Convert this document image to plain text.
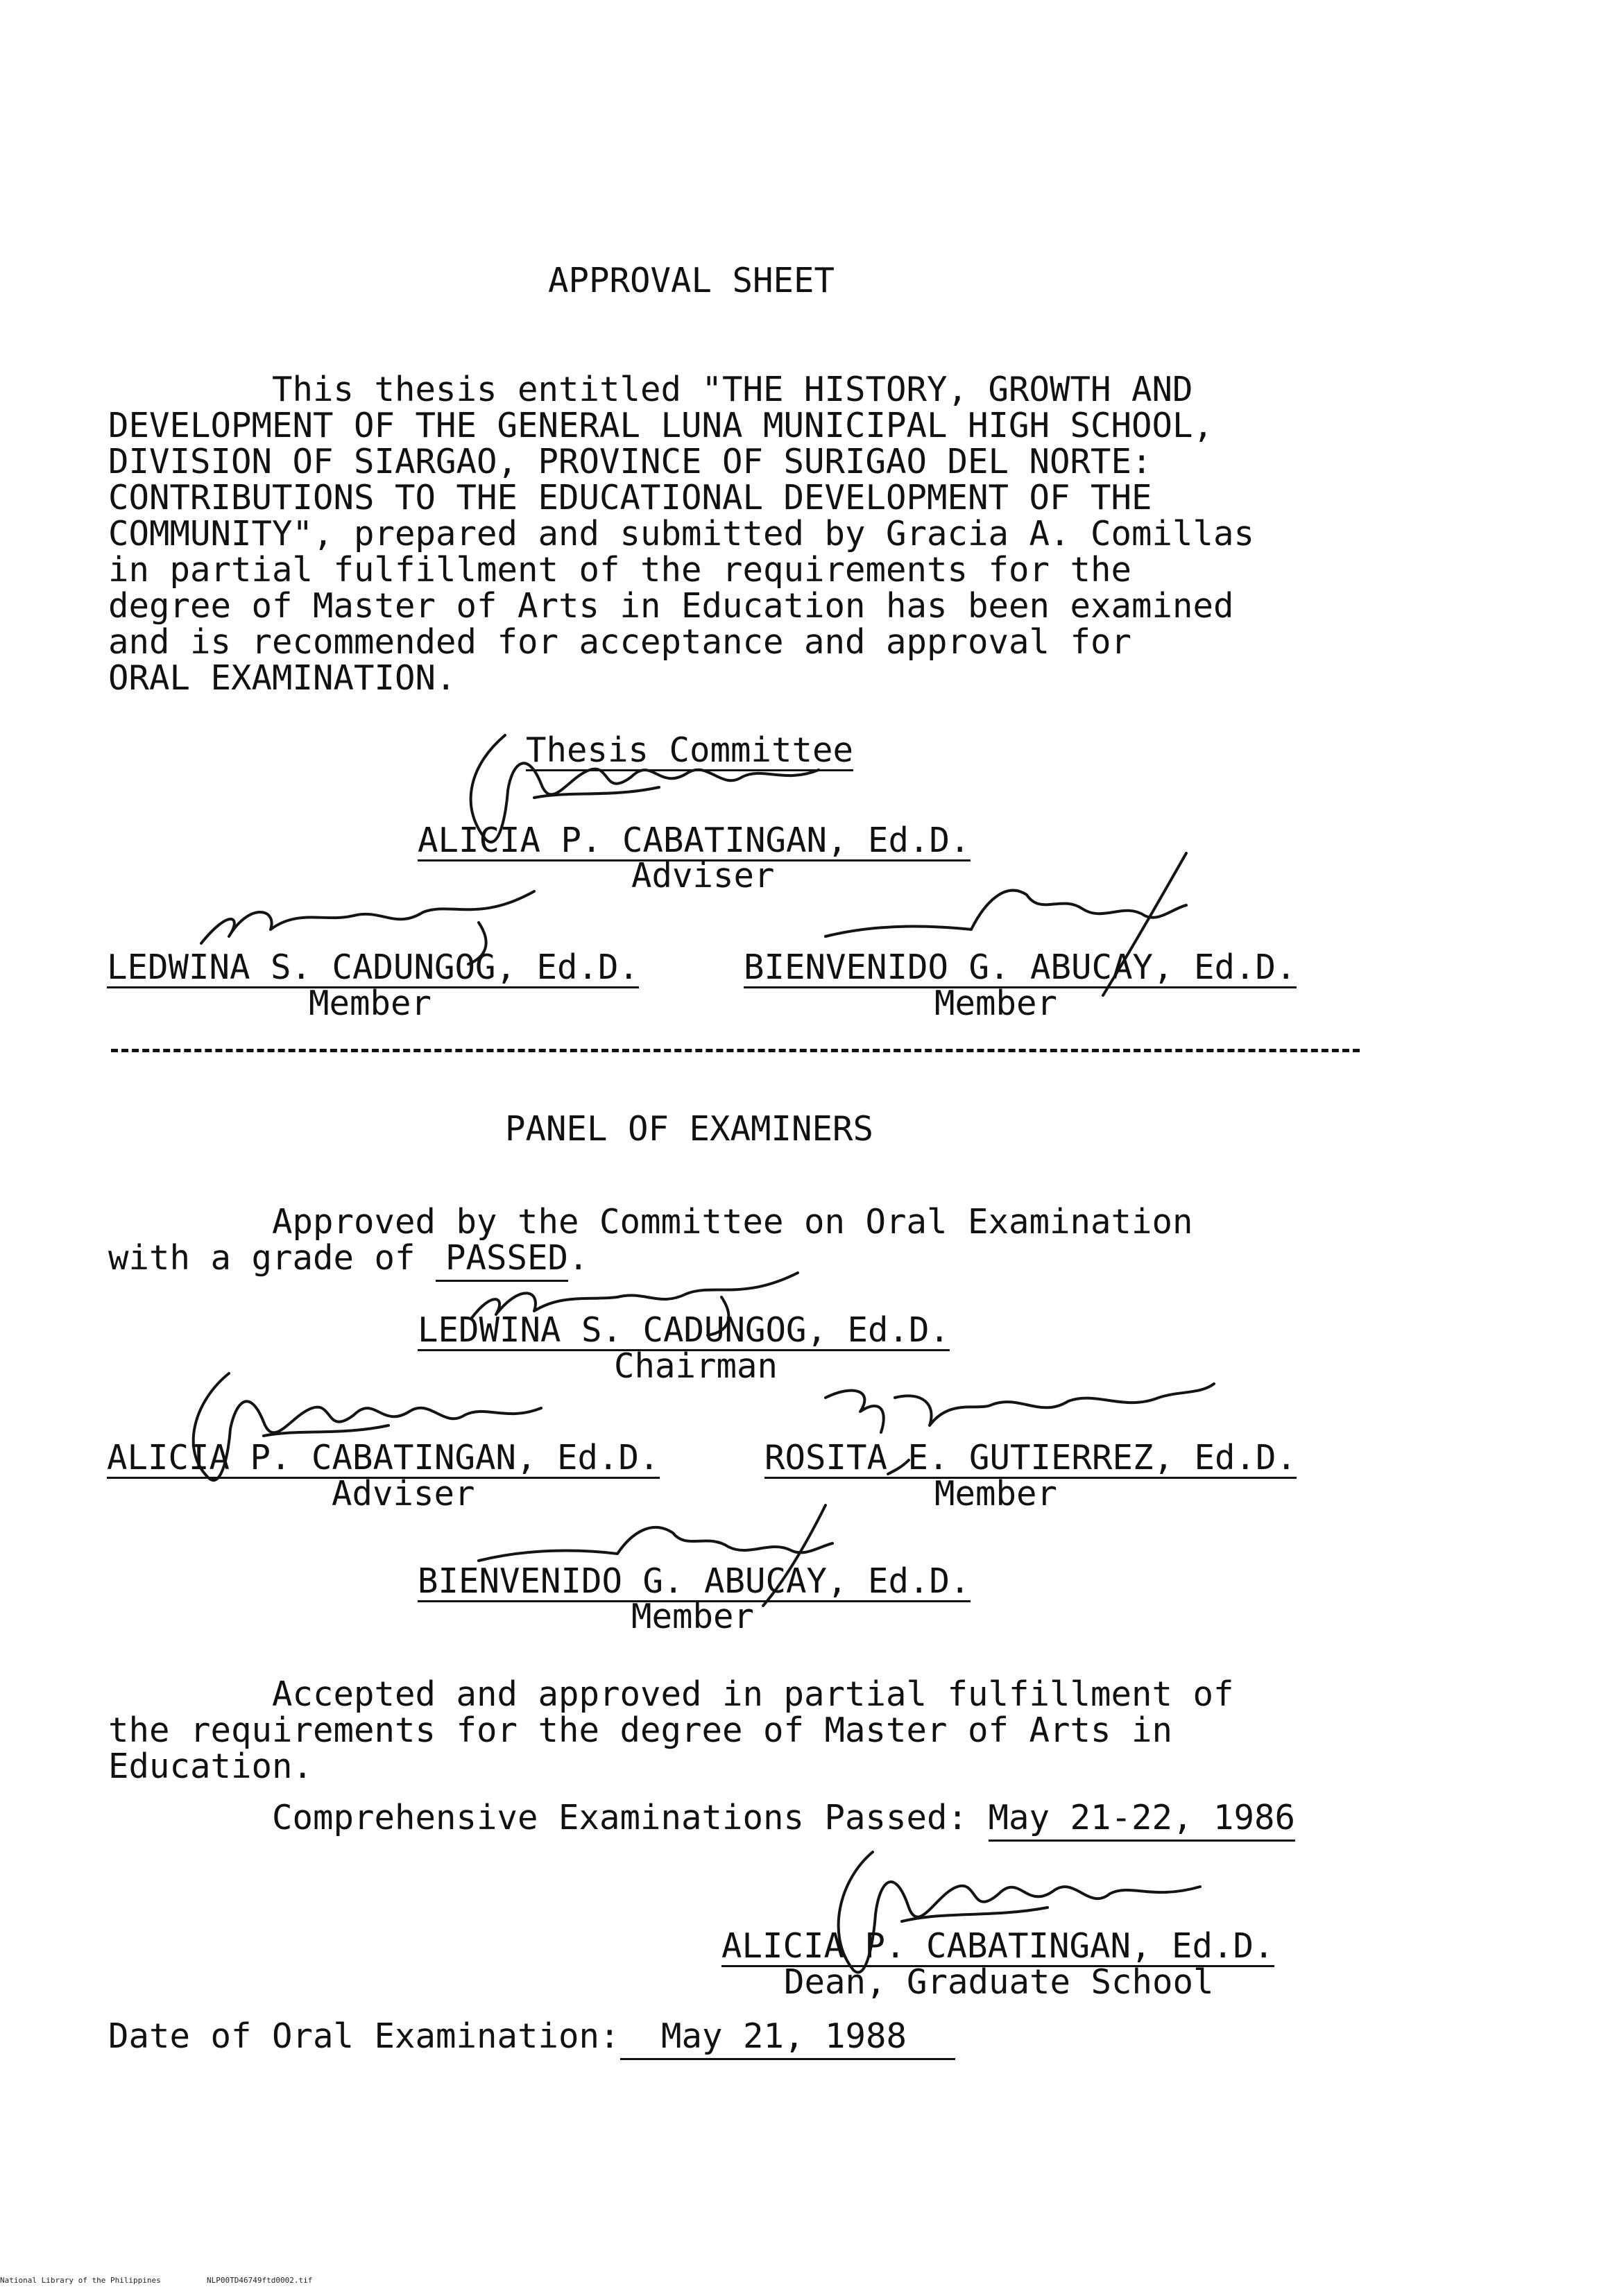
APPROVAL SHEET
This thesis entitled "THE HISTORY, GROWTH AND
DEVELOPMENT OF THE GENERAL LUNA MUNICIPAL HIGH SCHOOL,
DIVISION OF SIARGAO, PROVINCE OF SURIGAO DEL NORTE:
CONTRIBUTIONS TO THE EDUCATIONAL DEVELOPMENT OF THE
COMMUNITY", prepared and submitted by Gracia A. Comillas
in partial fulfillment of the requirements for the
degree of Master of Arts in Education has been examined
and is recommended for acceptance and approval for
ORAL EXAMINATION.
Thesis Committee
ALICIA P. CABATINGAN, Ed.D.
Adviser
LEDWINA S. CADUNGOG, Ed.D.
Member
BIENVENIDO G. ABUCAY, Ed.D.
Member
PANEL OF EXAMINERS
Approved by the Committee on Oral Examination
with a grade of PASSED.
LEDWINA S. CADUNGOG, Ed.D.
Chairman
ALICIA P. CABATINGAN, Ed.D.
Adviser
ROSITA E. GUTIERREZ, Ed.D.
Member
BIENVENIDO G. ABUCAY, Ed.D.
Member
Accepted and approved in partial fulfillment of
the requirements for the degree of Master of Arts in
Education.
Comprehensive Examinations Passed: May 21-22, 1986
ALICIA P. CABATINGAN, Ed.D.
Dean, Graduate School
Date of Oral Examination: May 21, 1988
National Library of the Philippines	NLP00TD46749ftd0002.tif
